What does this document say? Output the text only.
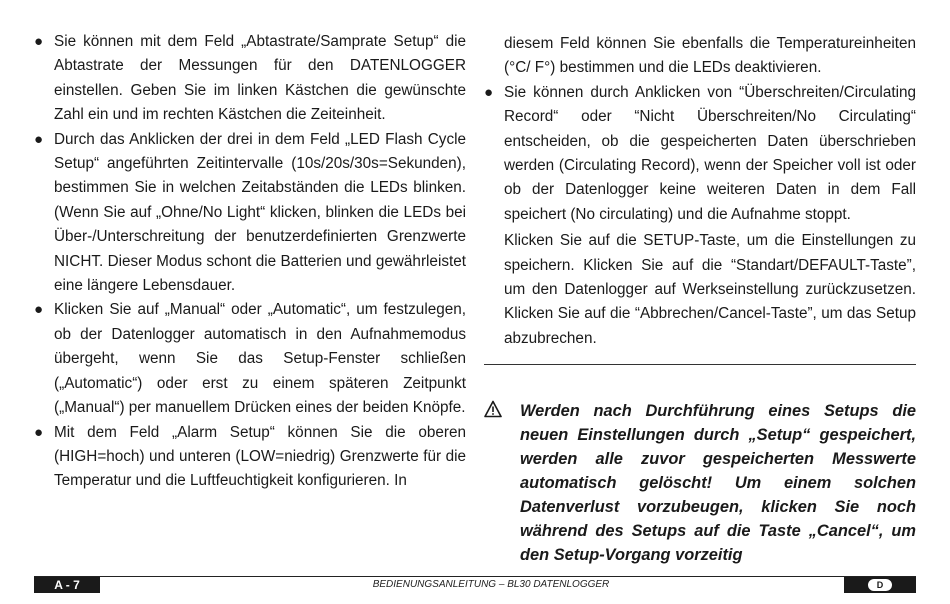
● Sie können mit dem Feld „Abtastrate/Samprate Setup“ die Abtastrate der Messungen für den DATENLOGGER einstellen. Geben Sie im linken Kästchen die gewünschte Zahl ein und im rechten Kästchen die Zeiteinheit.

● Durch das Anklicken der drei in dem Feld „LED Flash Cycle Setup“ angeführten Zeitintervalle (10s/20s/30s=Sekunden), bestimmen Sie in welchen Zeitabständen die LEDs blinken. (Wenn Sie auf „Ohne/No Light“ klicken, blinken die LEDs bei Über-/Unterschreitung der benutzerdefinierten Grenzwerte NICHT. Dieser Modus schont die Batterien und gewährleistet eine längere Lebensdauer.

● Klicken Sie auf „Manual“ oder „Automatic“, um festzulegen, ob der Datenlogger automatisch in den Aufnahmemodus übergeht, wenn Sie das Setup-Fenster schließen („Automatic“) oder erst zu einem späteren Zeitpunkt („Manual“) per manuellem Drücken eines der beiden Knöpfe.

● Mit dem Feld „Alarm Setup“ können Sie die oberen (HIGH=hoch) und unteren (LOW=niedrig) Grenzwerte für die Temperatur und die Luftfeuchtigkeit konfigurieren. In

diesem Feld können Sie ebenfalls die Temperatureinheiten (°C/ F°) bestimmen und die LEDs deaktivieren.

● Sie können durch Anklicken von “Überschreiten/Circulating Record“ oder “Nicht Überschreiten/No Circulating“ entscheiden, ob die gespeicherten Daten überschrieben werden (Circulating Record), wenn der Speicher voll ist oder ob der Datenlogger keine weiteren Daten in dem Fall speichert (No circulating) und die Aufnahme stoppt.

Klicken Sie auf die SETUP-Taste, um die Einstellungen zu speichern. Klicken Sie auf die “Standart/DEFAULT-Taste”, um den Datenlogger auf Werkseinstellung zurückzusetzen. Klicken Sie auf die “Abbrechen/Cancel-Taste”, um das Setup abzubrechen.

Werden nach Durchführung eines Setups die neuen Einstellungen durch „Setup“ gespeichert, werden alle zuvor gespeicherten Messwerte automatisch gelöscht! Um einem solchen Datenverlust vorzubeugen, klicken Sie noch während des Setups auf die Taste „Cancel“, um den Setup-Vorgang vorzeitig
A - 7	BEDIENUNGSANLEITUNG – BL30 DATENLOGGER	D
